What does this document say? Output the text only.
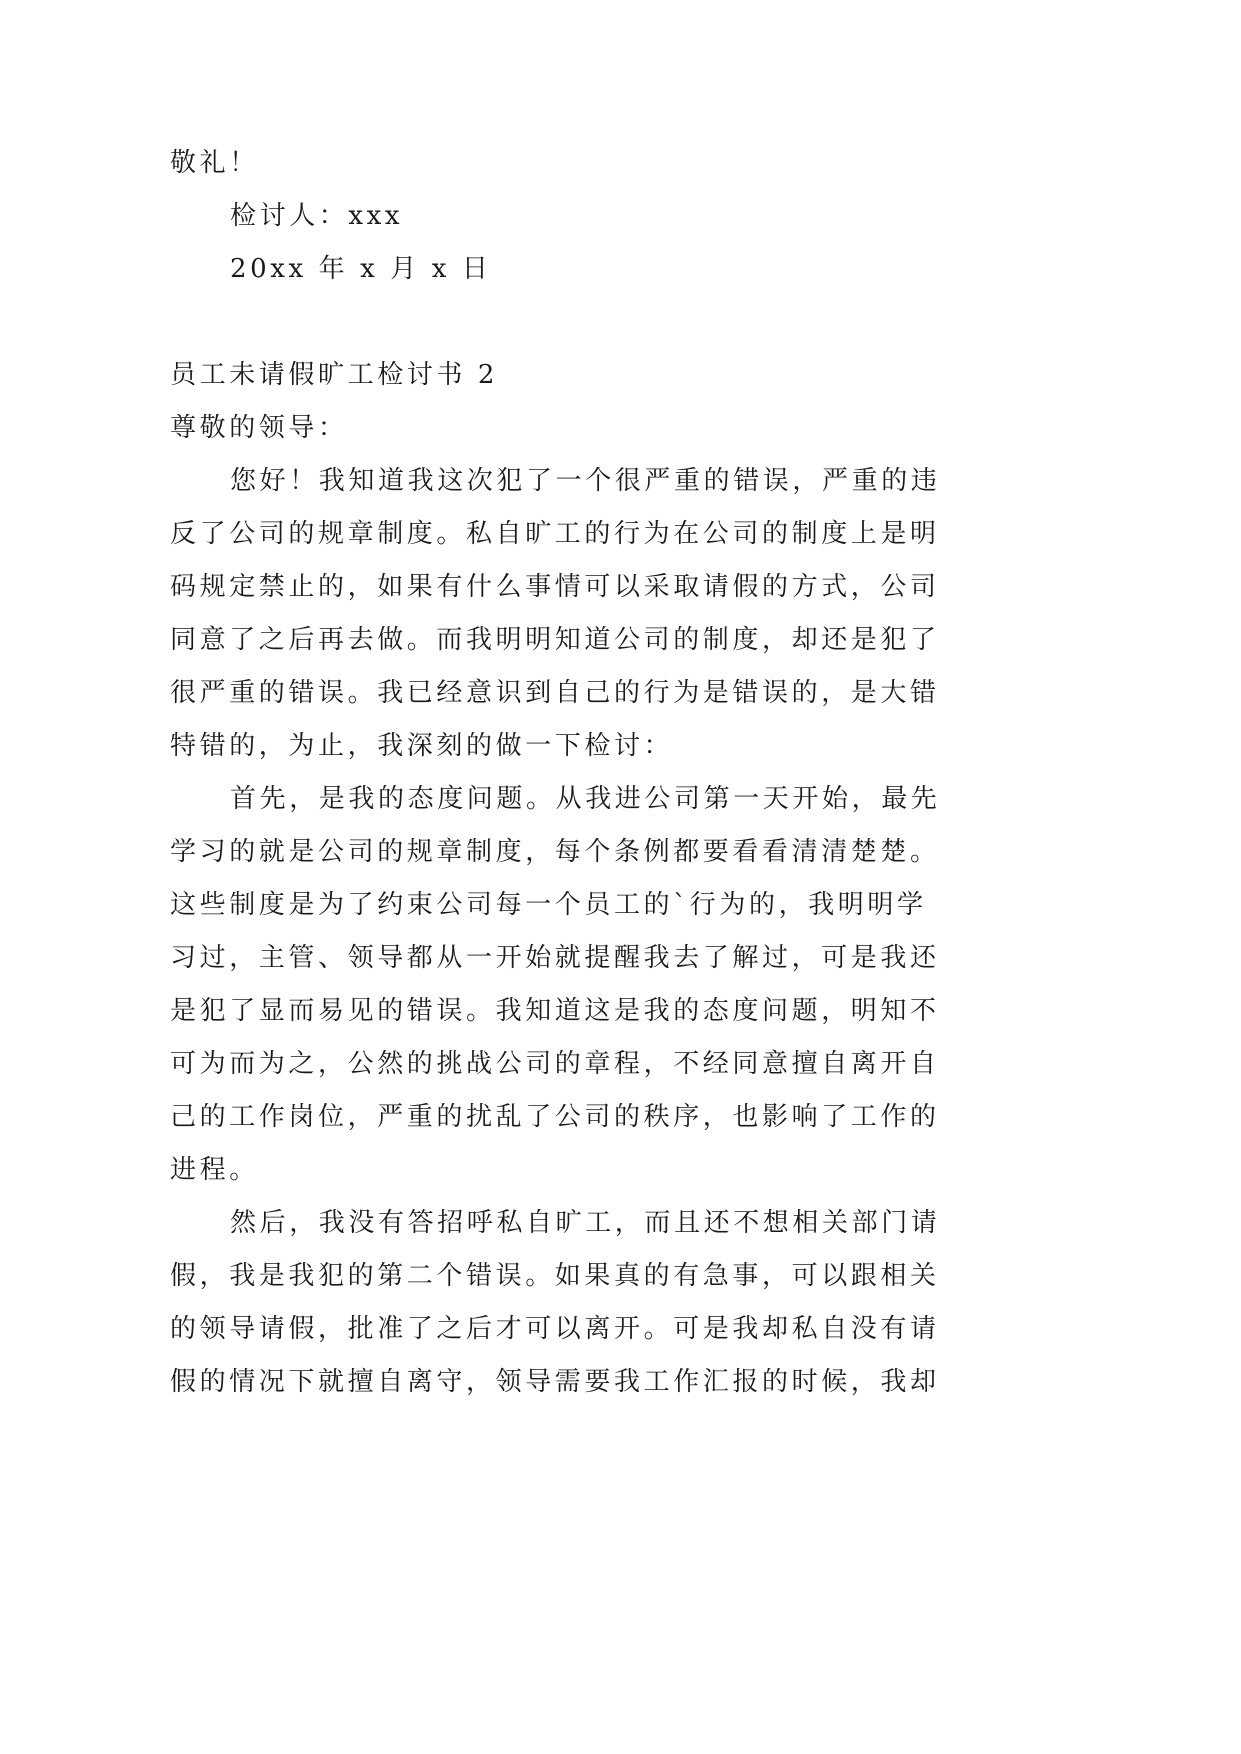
敬礼！
检讨人：xxx
20xx 年 x 月 x 日
员工未请假旷工检讨书 2
尊敬的领导：
您好！我知道我这次犯了一个很严重的错误，严重的违
反了公司的规章制度。私自旷工的行为在公司的制度上是明
码规定禁止的，如果有什么事情可以采取请假的方式，公司
同意了之后再去做。而我明明知道公司的制度，却还是犯了
很严重的错误。我已经意识到自己的行为是错误的，是大错
特错的，为止，我深刻的做一下检讨：
首先，是我的态度问题。从我进公司第一天开始，最先
学习的就是公司的规章制度，每个条例都要看看清清楚楚。
这些制度是为了约束公司每一个员工的`行为的，我明明学
习过，主管、领导都从一开始就提醒我去了解过，可是我还
是犯了显而易见的错误。我知道这是我的态度问题，明知不
可为而为之，公然的挑战公司的章程，不经同意擅自离开自
己的工作岗位，严重的扰乱了公司的秩序，也影响了工作的
进程。
然后，我没有答招呼私自旷工，而且还不想相关部门请
假，我是我犯的第二个错误。如果真的有急事，可以跟相关
的领导请假，批准了之后才可以离开。可是我却私自没有请
假的情况下就擅自离守，领导需要我工作汇报的时候，我却
